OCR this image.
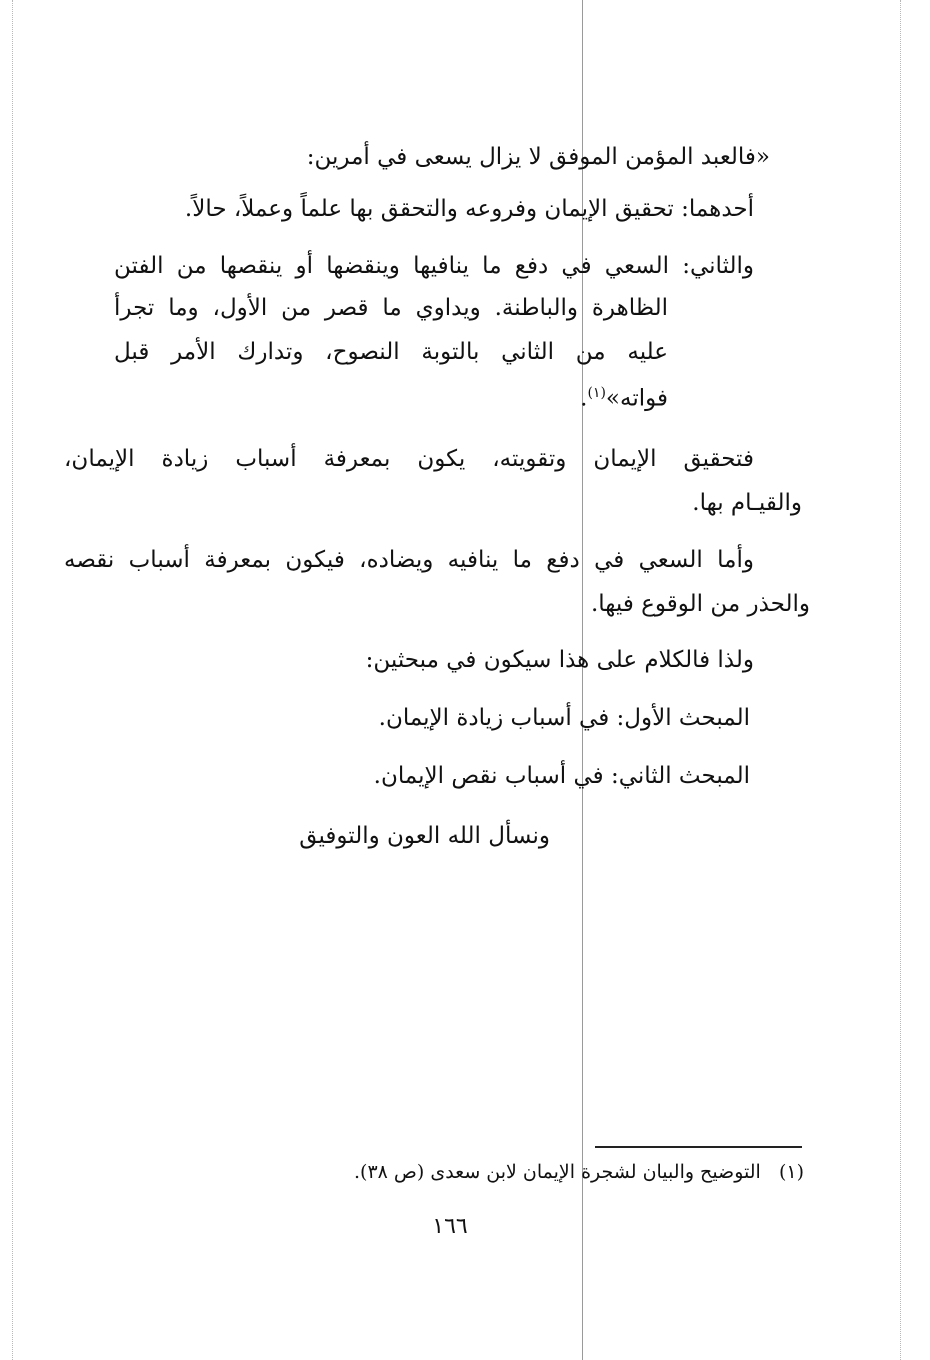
«فالعبد المؤمن الموفق لا يزال يسعى في أمرين:
أحدهما: تحقيق الإيمان وفروعه والتحقق بها علماً وعملاً، حالاً.
والثاني: السعي في دفع ما ينافيها وينقضها أو ينقصها من الفتن
الظاهرة والباطنة. ويداوي ما قصر من الأول، وما تجرأ
عليه من الثاني بالتوبة النصوح، وتدارك الأمر قبل
فواته»$^{(١)}$.
فتحقيق الإيمان وتقويته، يكون بمعرفة أسباب زيادة الإيمان،
والقيـام بها.
وأما السعي في دفع ما ينافيه ويضاده، فيكون بمعرفة أسباب نقصه
والحذر من الوقوع فيها.
ولذا فالكلام على هذا سيكون في مبحثين:
المبحث الأول: في أسباب زيادة الإيمان.
المبحث الثاني: في أسباب نقص الإيمان.
ونسأل الله العون والتوفيق
(١)   التوضيح والبيان لشجرة الإيمان لابن سعدى (ص ٣٨).
١٦٦
